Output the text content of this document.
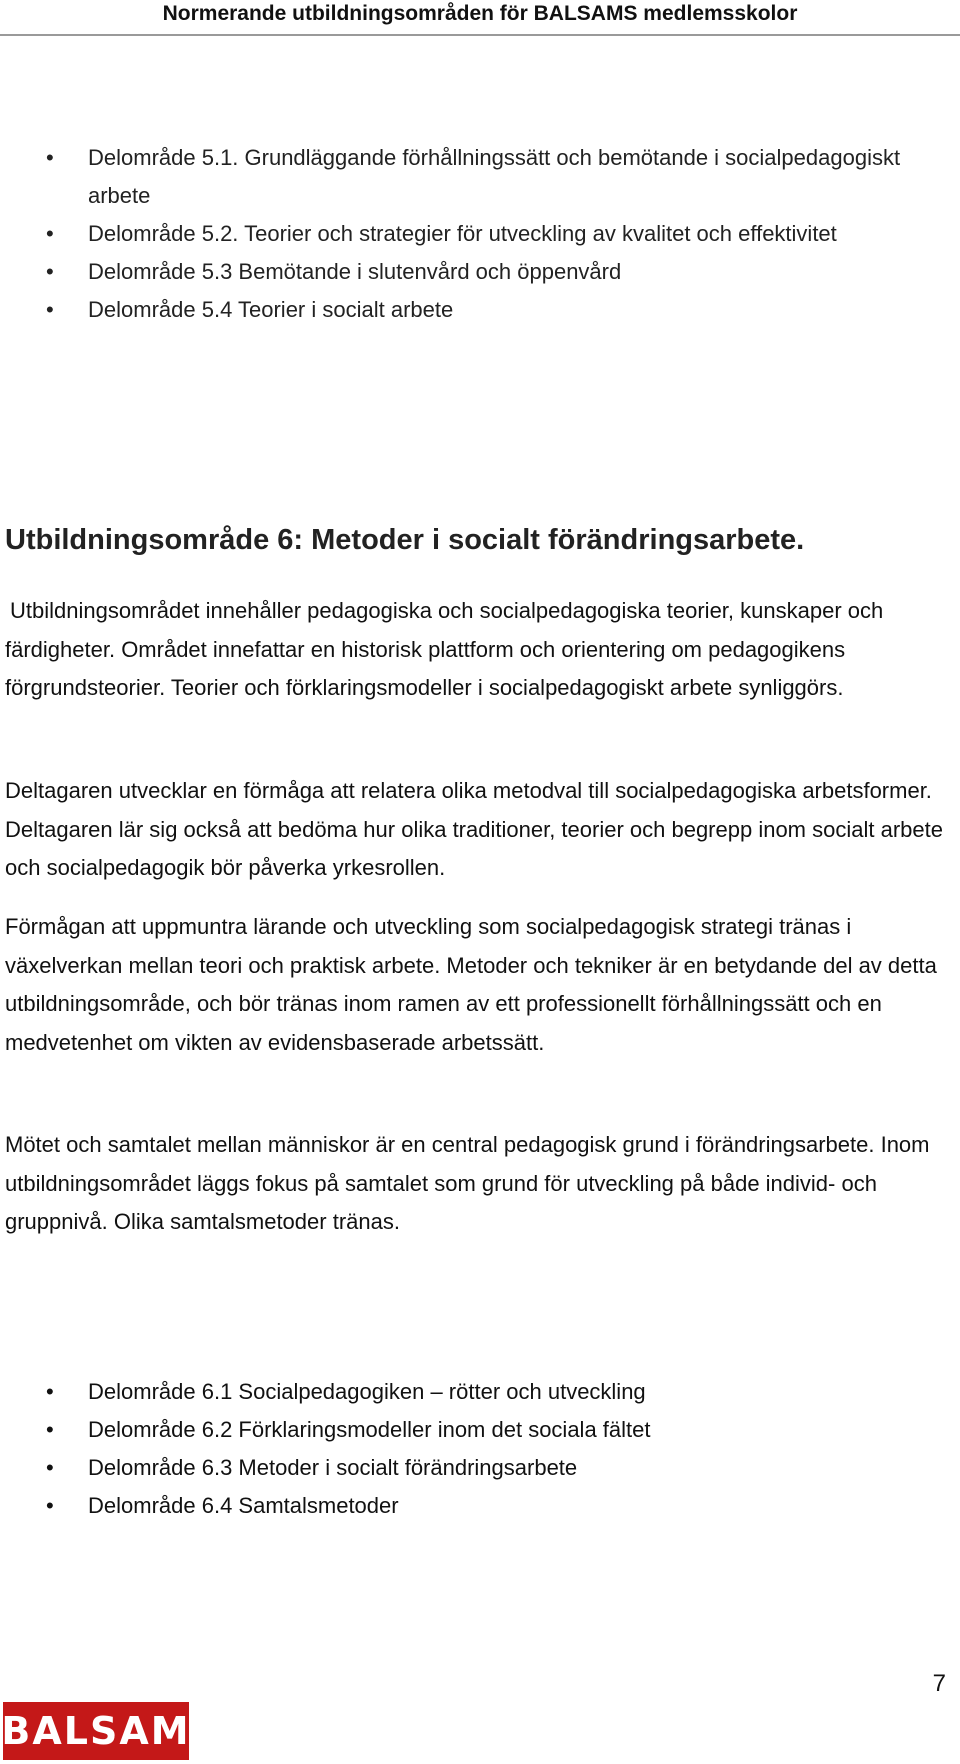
Normerande utbildningsområden för BALSAMS medlemsskolor
• Delområde 5.1. Grundläggande förhållningssätt och bemötande i socialpedagogiskt arbete
• Delområde 5.2. Teorier och strategier för utveckling av kvalitet och effektivitet
• Delområde 5.3 Bemötande i slutenvård och öppenvård
• Delområde 5.4 Teorier i socialt arbete
Utbildningsområde 6: Metoder i socialt förändringsarbete.

Utbildningsområdet innehåller pedagogiska och socialpedagogiska teorier, kunskaper och färdigheter. Området innefattar en historisk plattform och orientering om pedagogikens förgrundsteorier. Teorier och förklaringsmodeller i socialpedagogiskt arbete synliggörs.

Deltagaren utvecklar en förmåga att relatera olika metodval till socialpedagogiska arbetsformer. Deltagaren lär sig också att bedöma hur olika traditioner, teorier och begrepp inom socialt arbete och socialpedagogik bör påverka yrkesrollen.

Förmågan att uppmuntra lärande och utveckling som socialpedagogisk strategi tränas i växelverkan mellan teori och praktisk arbete. Metoder och tekniker är en betydande del av detta utbildningsområde, och bör tränas inom ramen av ett professionellt förhållningssätt och en medvetenhet om vikten av evidensbaserade arbetssätt.

Mötet och samtalet mellan människor är en central pedagogisk grund i förändringsarbete. Inom utbildningsområdet läggs fokus på samtalet som grund för utveckling på både individ- och gruppnivå. Olika samtalsmetoder tränas.

• Delområde 6.1 Socialpedagogiken – rötter och utveckling
• Delområde 6.2 Förklaringsmodeller inom det sociala fältet
• Delområde 6.3 Metoder i socialt förändringsarbete
• Delområde 6.4 Samtalsmetoder
7
BALSAM
